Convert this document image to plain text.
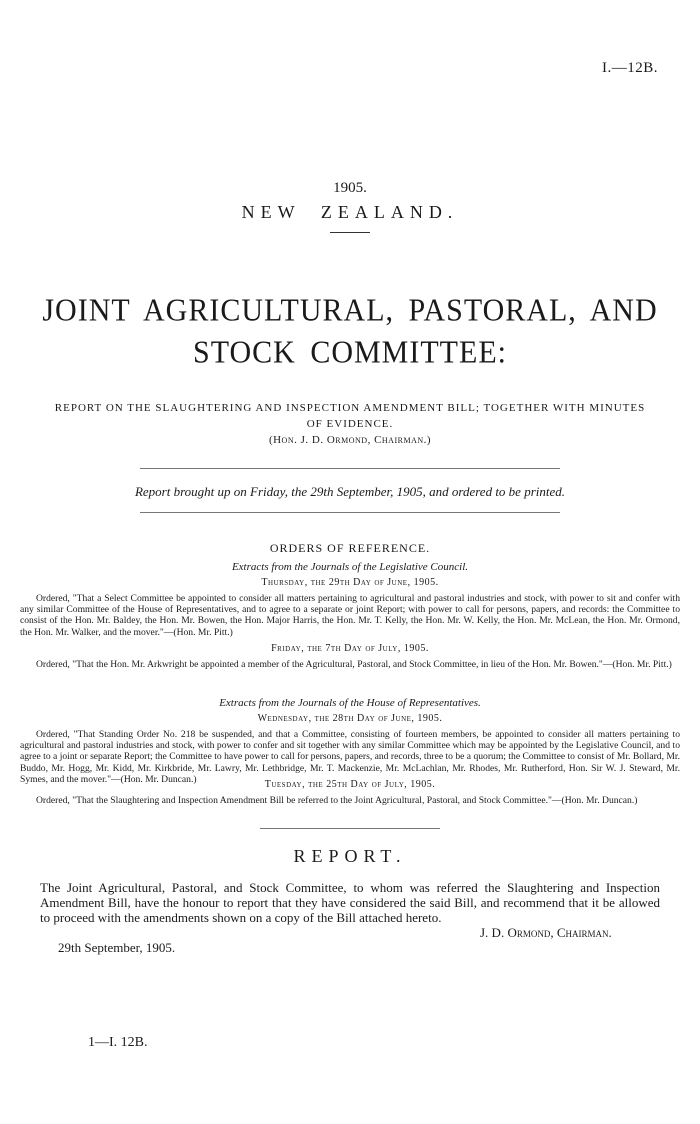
I.—12B.
1905.
NEW ZEALAND.
JOINT AGRICULTURAL, PASTORAL, AND STOCK COMMITTEE:
REPORT ON THE SLAUGHTERING AND INSPECTION AMENDMENT BILL; TOGETHER WITH MINUTES OF EVIDENCE.
(Hon. J. D. Ormond, Chairman.)
Report brought up on Friday, the 29th September, 1905, and ordered to be printed.
ORDERS OF REFERENCE.
Extracts from the Journals of the Legislative Council.
Thursday, the 29th Day of June, 1905.

Ordered, "That a Select Committee be appointed to consider all matters pertaining to agricultural and pastoral industries and stock, with power to sit and confer with any similar Committee of the House of Representatives, and to agree to a separate or joint Report; with power to call for persons, papers, and records: the Committee to consist of the Hon. Mr. Baldey, the Hon. Mr. Bowen, the Hon. Major Harris, the Hon. Mr. T. Kelly, the Hon. Mr. W. Kelly, the Hon. Mr. McLean, the Hon. Mr. Ormond, the Hon. Mr. Walker, and the mover."—(Hon. Mr. Pitt.)

Friday, the 7th Day of July, 1905.

Ordered, "That the Hon. Mr. Arkwright be appointed a member of the Agricultural, Pastoral, and Stock Committee, in lieu of the Hon. Mr. Bowen."—(Hon. Mr. Pitt.)

Extracts from the Journals of the House of Representatives.
Wednesday, the 28th Day of June, 1905.

Ordered, "That Standing Order No. 218 be suspended, and that a Committee, consisting of fourteen members, be appointed to consider all matters pertaining to agricultural and pastoral industries and stock, with power to confer and sit together with any similar Committee which may be appointed by the Legislative Council, and to agree to a joint or separate Report; the Committee to have power to call for persons, papers, and records, three to be a quorum; the Committee to consist of Mr. Bollard, Mr. Buddo, Mr. Hogg, Mr. Kidd, Mr. Kirkbride, Mr. Lawry, Mr. Lethbridge, Mr. T. Mackenzie, Mr. McLachlan, Mr. Rhodes, Mr. Rutherford, Hon. Sir W. J. Steward, Mr. Symes, and the mover."—(Hon. Mr. Duncan.)	Tuesday, the 25th Day of July, 1905.

Ordered, "That the Slaughtering and Inspection Amendment Bill be referred to the Joint Agricultural, Pastoral, and Stock Committee."—(Hon. Mr. Duncan.)

REPORT.

The Joint Agricultural, Pastoral, and Stock Committee, to whom was referred the Slaughtering and Inspection Amendment Bill, have the honour to report that they have considered the said Bill, and recommend that it be allowed to proceed with the amendments shown on a copy of the Bill attached hereto.

J. D. Ormond, Chairman.
29th September, 1905.
1—I. 12B.
